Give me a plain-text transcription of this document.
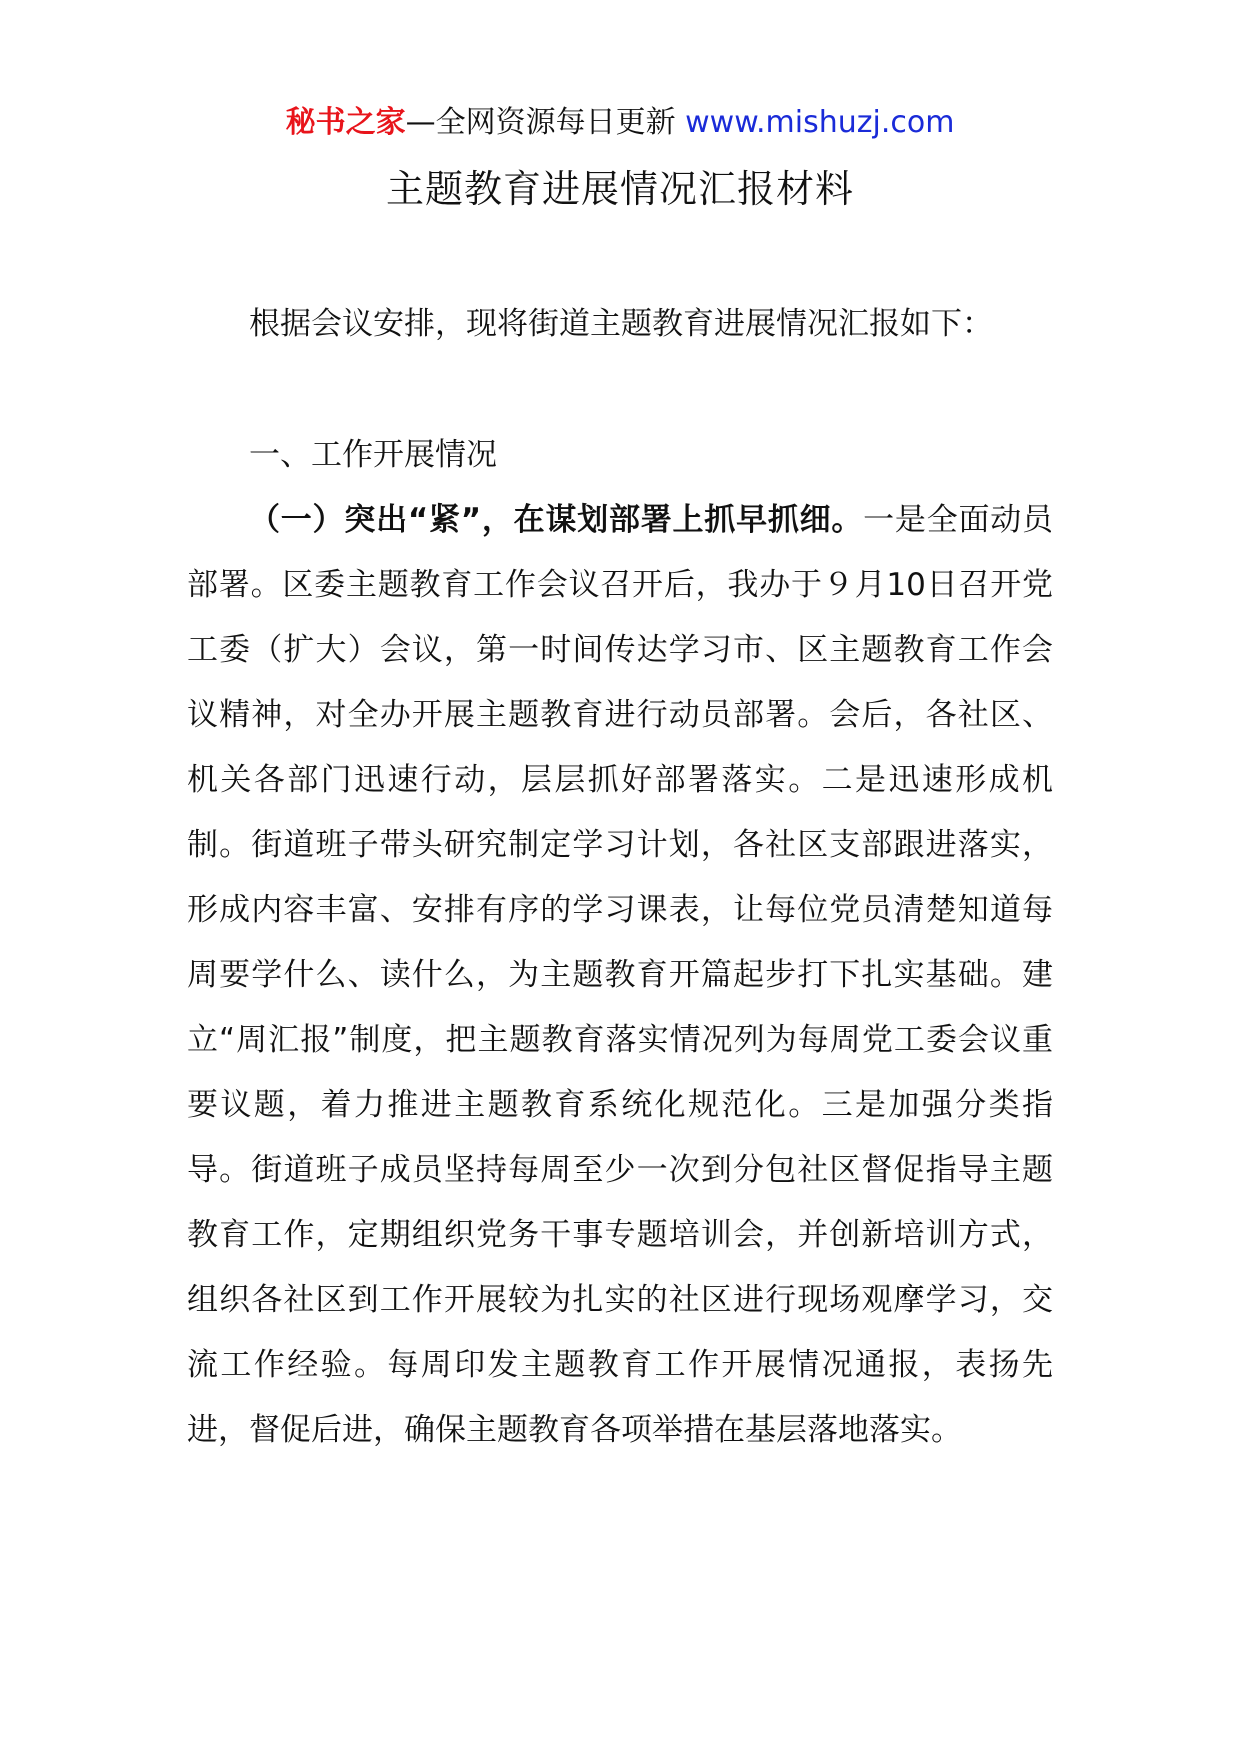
秘书之家—全网资源每日更新 www.mishuzj.com
主题教育进展情况汇报材料

根据会议安排，现将街道主题教育进展情况汇报如下：

一、工作开展情况

（一）突出“紧”，在谋划部署上抓早抓细。一是全面动员部署。区委主题教育工作会议召开后，我办于９月10日召开党工委（扩大）会议，第一时间传达学习市、区主题教育工作会议精神，对全办开展主题教育进行动员部署。会后，各社区、机关各部门迅速行动，层层抓好部署落实。二是迅速形成机制。街道班子带头研究制定学习计划，各社区支部跟进落实，形成内容丰富、安排有序的学习课表，让每位党员清楚知道每周要学什么、读什么，为主题教育开篇起步打下扎实基础。建立“周汇报”制度，把主题教育落实情况列为每周党工委会议重要议题，着力推进主题教育系统化规范化。三是加强分类指导。街道班子成员坚持每周至少一次到分包社区督促指导主题教育工作，定期组织党务干事专题培训会，并创新培训方式，组织各社区到工作开展较为扎实的社区进行现场观摩学习，交流工作经验。每周印发主题教育工作开展情况通报，表扬先进，督促后进，确保主题教育各项举措在基层落地落实。
